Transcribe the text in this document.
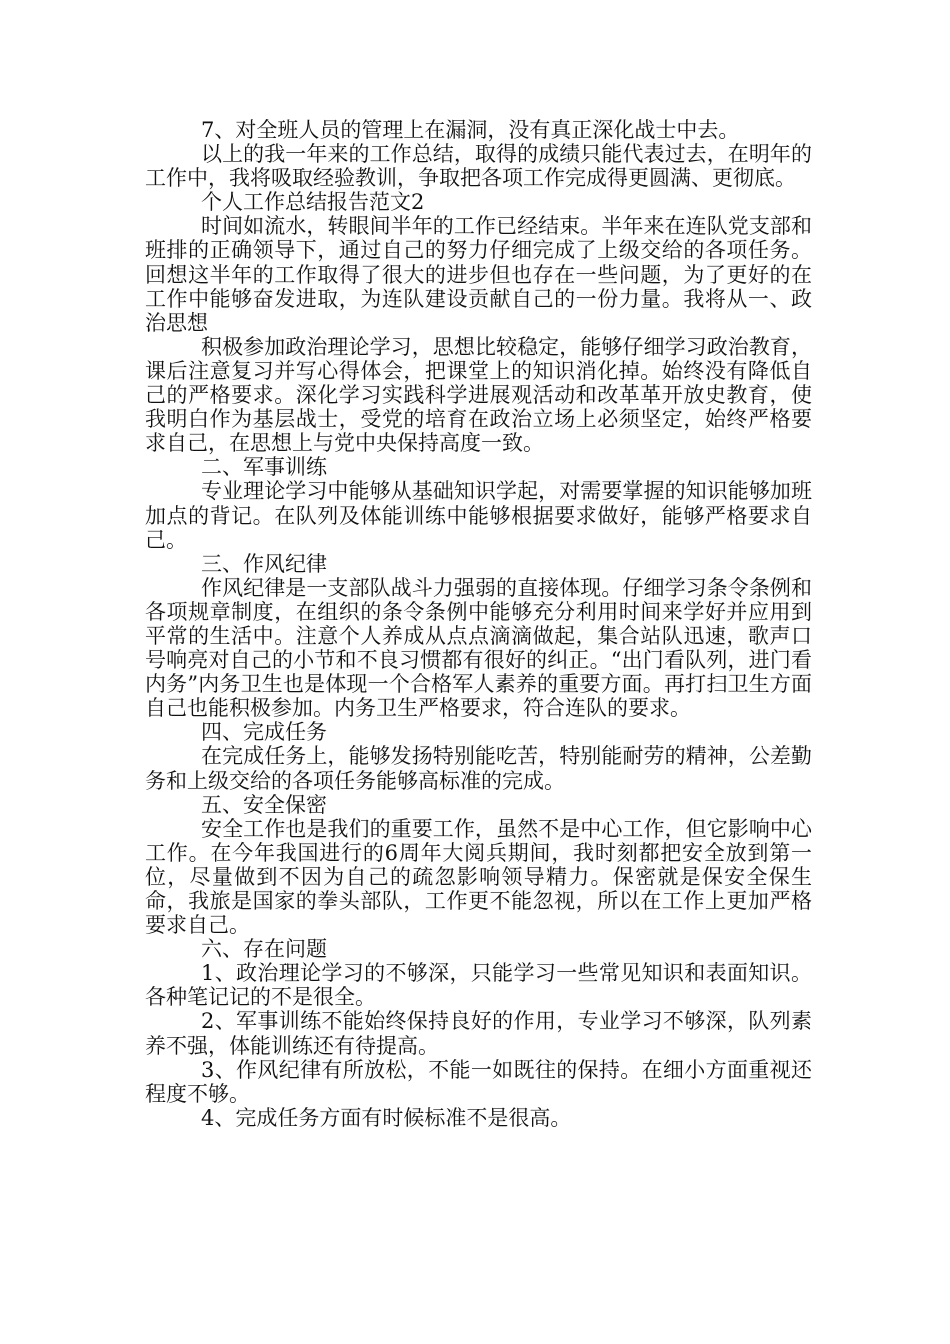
7、对全班人员的管理上在漏洞，没有真正深化战士中去。

以上的我一年来的工作总结，取得的成绩只能代表过去，在明年的工作中，我将吸取经验教训，争取把各项工作完成得更圆满、更彻底。

个人工作总结报告范文2

时间如流水，转眼间半年的工作已经结束。半年来在连队党支部和班排的正确领导下，通过自己的努力仔细完成了上级交给的各项任务。回想这半年的工作取得了很大的进步但也存在一些问题，为了更好的在工作中能够奋发进取，为连队建设贡献自己的一份力量。我将从一、政治思想

积极参加政治理论学习，思想比较稳定，能够仔细学习政治教育，课后注意复习并写心得体会，把课堂上的知识消化掉。始终没有降低自己的严格要求。深化学习实践科学进展观活动和改革革开放史教育，使我明白作为基层战士，受党的培育在政治立场上必须坚定，始终严格要求自己，在思想上与党中央保持高度一致。

二、军事训练

专业理论学习中能够从基础知识学起，对需要掌握的知识能够加班加点的背记。在队列及体能训练中能够根据要求做好，能够严格要求自己。

三、作风纪律

作风纪律是一支部队战斗力强弱的直接体现。仔细学习条令条例和各项规章制度，在组织的条令条例中能够充分利用时间来学好并应用到平常的生活中。注意个人养成从点点滴滴做起，集合站队迅速，歌声口号响亮对自己的小节和不良习惯都有很好的纠正。“出门看队列，进门看内务”内务卫生也是体现一个合格军人素养的重要方面。再打扫卫生方面自己也能积极参加。内务卫生严格要求，符合连队的要求。

四、完成任务

在完成任务上，能够发扬特别能吃苦，特别能耐劳的精神，公差勤务和上级交给的各项任务能够高标准的完成。

五、安全保密

安全工作也是我们的重要工作，虽然不是中心工作，但它影响中心工作。在今年我国进行的6周年大阅兵期间，我时刻都把安全放到第一位，尽量做到不因为自己的疏忽影响领导精力。保密就是保安全保生命，我旅是国家的拳头部队，工作更不能忽视，所以在工作上更加严格要求自己。

六、存在问题

1、政治理论学习的不够深，只能学习一些常见知识和表面知识。各种笔记记的不是很全。

2、军事训练不能始终保持良好的作用，专业学习不够深，队列素养不强，体能训练还有待提高。

3、作风纪律有所放松，不能一如既往的保持。在细小方面重视还程度不够。

4、完成任务方面有时候标准不是很高。
